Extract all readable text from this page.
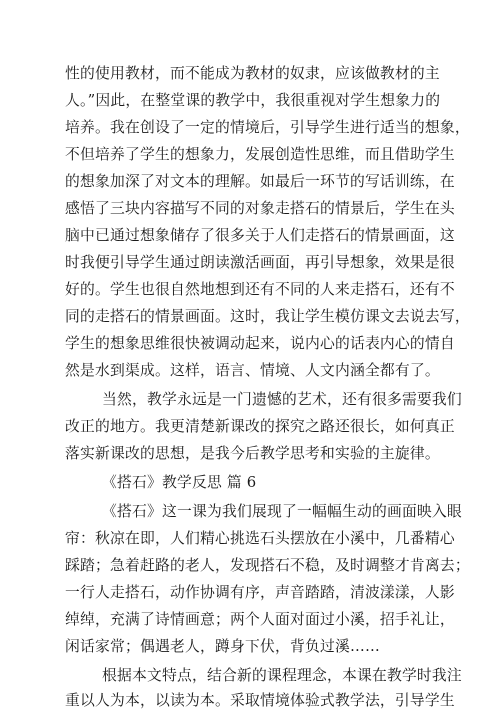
性的使用教材，而不能成为教材的奴隶，应该做教材的主
人。”因此，在整堂课的教学中，我很重视对学生想象力的
培养。我在创设了一定的情境后，引导学生进行适当的想象，
不但培养了学生的想象力，发展创造性思维，而且借助学生
的想象加深了对文本的理解。如最后一环节的写话训练，在
感悟了三块内容描写不同的对象走搭石的情景后，学生在头
脑中已通过想象储存了很多关于人们走搭石的情景画面，这
时我便引导学生通过朗读激活画面，再引导想象，效果是很
好的。学生也很自然地想到还有不同的人来走搭石，还有不
同的走搭石的情景画面。这时，我让学生模仿课文去说去写，
学生的想象思维很快被调动起来，说内心的话表内心的情自
然是水到渠成。这样，语言、情境、人文内涵全都有了。
当然，教学永远是一门遗憾的艺术，还有很多需要我们
改正的地方。我更清楚新课改的探究之路还很长，如何真正
落实新课改的思想，是我今后教学思考和实验的主旋律。
《搭石》教学反思 篇 6
《搭石》这一课为我们展现了一幅幅生动的画面映入眼
帘：秋凉在即，人们精心挑选石头摆放在小溪中，几番精心
踩踏；急着赶路的老人，发现搭石不稳，及时调整才肯离去；
一行人走搭石，动作协调有序，声音踏踏，清波漾漾，人影
绰绰，充满了诗情画意；两个人面对面过小溪，招手礼让，
闲话家常；偶遇老人，蹲身下伏，背负过溪……
根据本文特点，结合新的课程理念，本课在教学时我注
重以人为本，以读为本。采取情境体验式教学法，引导学生
